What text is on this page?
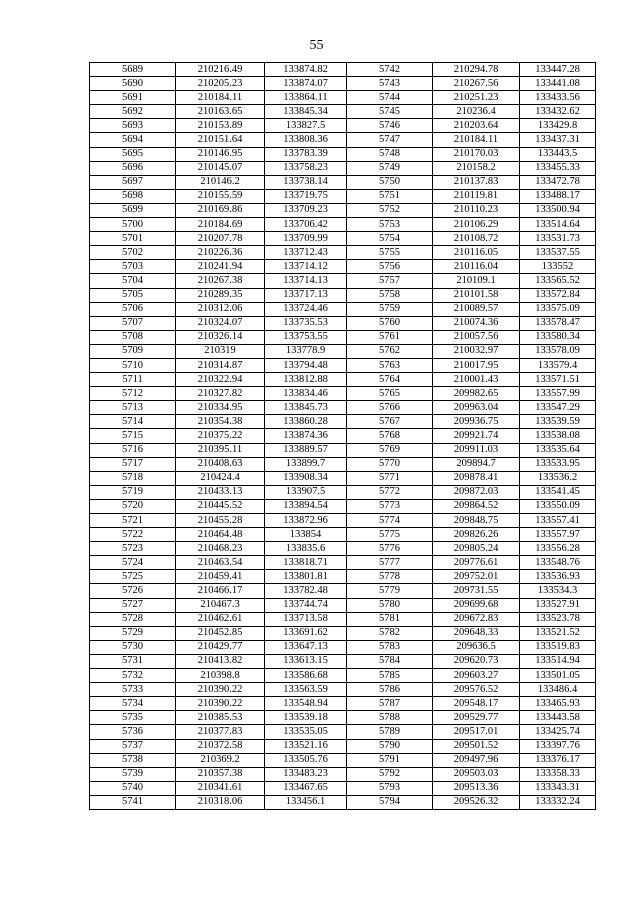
55
5689	210216.49	133874.82	5742	210294.78	133447.28
5690	210205.23	133874.07	5743	210267.56	133441.08
5691	210184.11	133864.11	5744	210251.23	133433.56
5692	210163.65	133845.34	5745	210236.4	133432.62
5693	210153.89	133827.5	5746	210203.64	133429.8
5694	210151.64	133808.36	5747	210184.11	133437.31
5695	210146.95	133783.39	5748	210170.03	133443.5
5696	210145.07	133758.23	5749	210158.2	133455.33
5697	210146.2	133738.14	5750	210137.83	133472.78
5698	210155.59	133719.75	5751	210119.81	133488.17
5699	210169.86	133709.23	5752	210110.23	133500.94
5700	210184.69	133706.42	5753	210106.29	133514.64
5701	210207.78	133709.99	5754	210108.72	133531.73
5702	210226.36	133712.43	5755	210116.05	133537.55
5703	210241.94	133714.12	5756	210116.04	133552
5704	210267.38	133714.13	5757	210109.1	133565.52
5705	210289.35	133717.13	5758	210101.58	133572.84
5706	210312.06	133724.46	5759	210089.57	133575.09
5707	210324.07	133735.53	5760	210074.36	133578.47
5708	210326.14	133753.55	5761	210057.56	133580.34
5709	210319	133778.9	5762	210032.97	133578.09
5710	210314.87	133794.48	5763	210017.95	133579.4
5711	210322.94	133812.88	5764	210001.43	133571.51
5712	210327.82	133834.46	5765	209982.65	133557.99
5713	210334.95	133845.73	5766	209963.04	133547.29
5714	210354.38	133860.28	5767	209936.75	133539.59
5715	210375.22	133874.36	5768	209921.74	133538.08
5716	210395.11	133889.57	5769	209911.03	133535.64
5717	210408.63	133899.7	5770	209894.7	133533.95
5718	210424.4	133908.34	5771	209878.41	133536.2
5719	210433.13	133907.5	5772	209872.03	133541.45
5720	210445.52	133894.54	5773	209864.52	133550.09
5721	210455.28	133872.96	5774	209848.75	133557.41
5722	210464.48	133854	5775	209826.26	133557.97
5723	210468.23	133835.6	5776	209805.24	133556.28
5724	210463.54	133818.71	5777	209776.61	133548.76
5725	210459.41	133801.81	5778	209752.01	133536.93
5726	210466.17	133782.48	5779	209731.55	133534.3
5727	210467.3	133744.74	5780	209699.68	133527.91
5728	210462.61	133713.58	5781	209672.83	133523.78
5729	210452.85	133691.62	5782	209648.33	133521.52
5730	210429.77	133647.13	5783	209636.5	133519.83
5731	210413.82	133613.15	5784	209620.73	133514.94
5732	210398.8	133586.68	5785	209603.27	133501.05
5733	210390.22	133563.59	5786	209576.52	133486.4
5734	210390.22	133548.94	5787	209548.17	133465.93
5735	210385.53	133539.18	5788	209529.77	133443.58
5736	210377.83	133535.05	5789	209517.01	133425.74
5737	210372.58	133521.16	5790	209501.52	133397.76
5738	210369.2	133505.76	5791	209497.96	133376.17
5739	210357.38	133483.23	5792	209503.03	133358.33
5740	210341.61	133467.65	5793	209513.36	133343.31
5741	210318.06	133456.1	5794	209526.32	133332.24
